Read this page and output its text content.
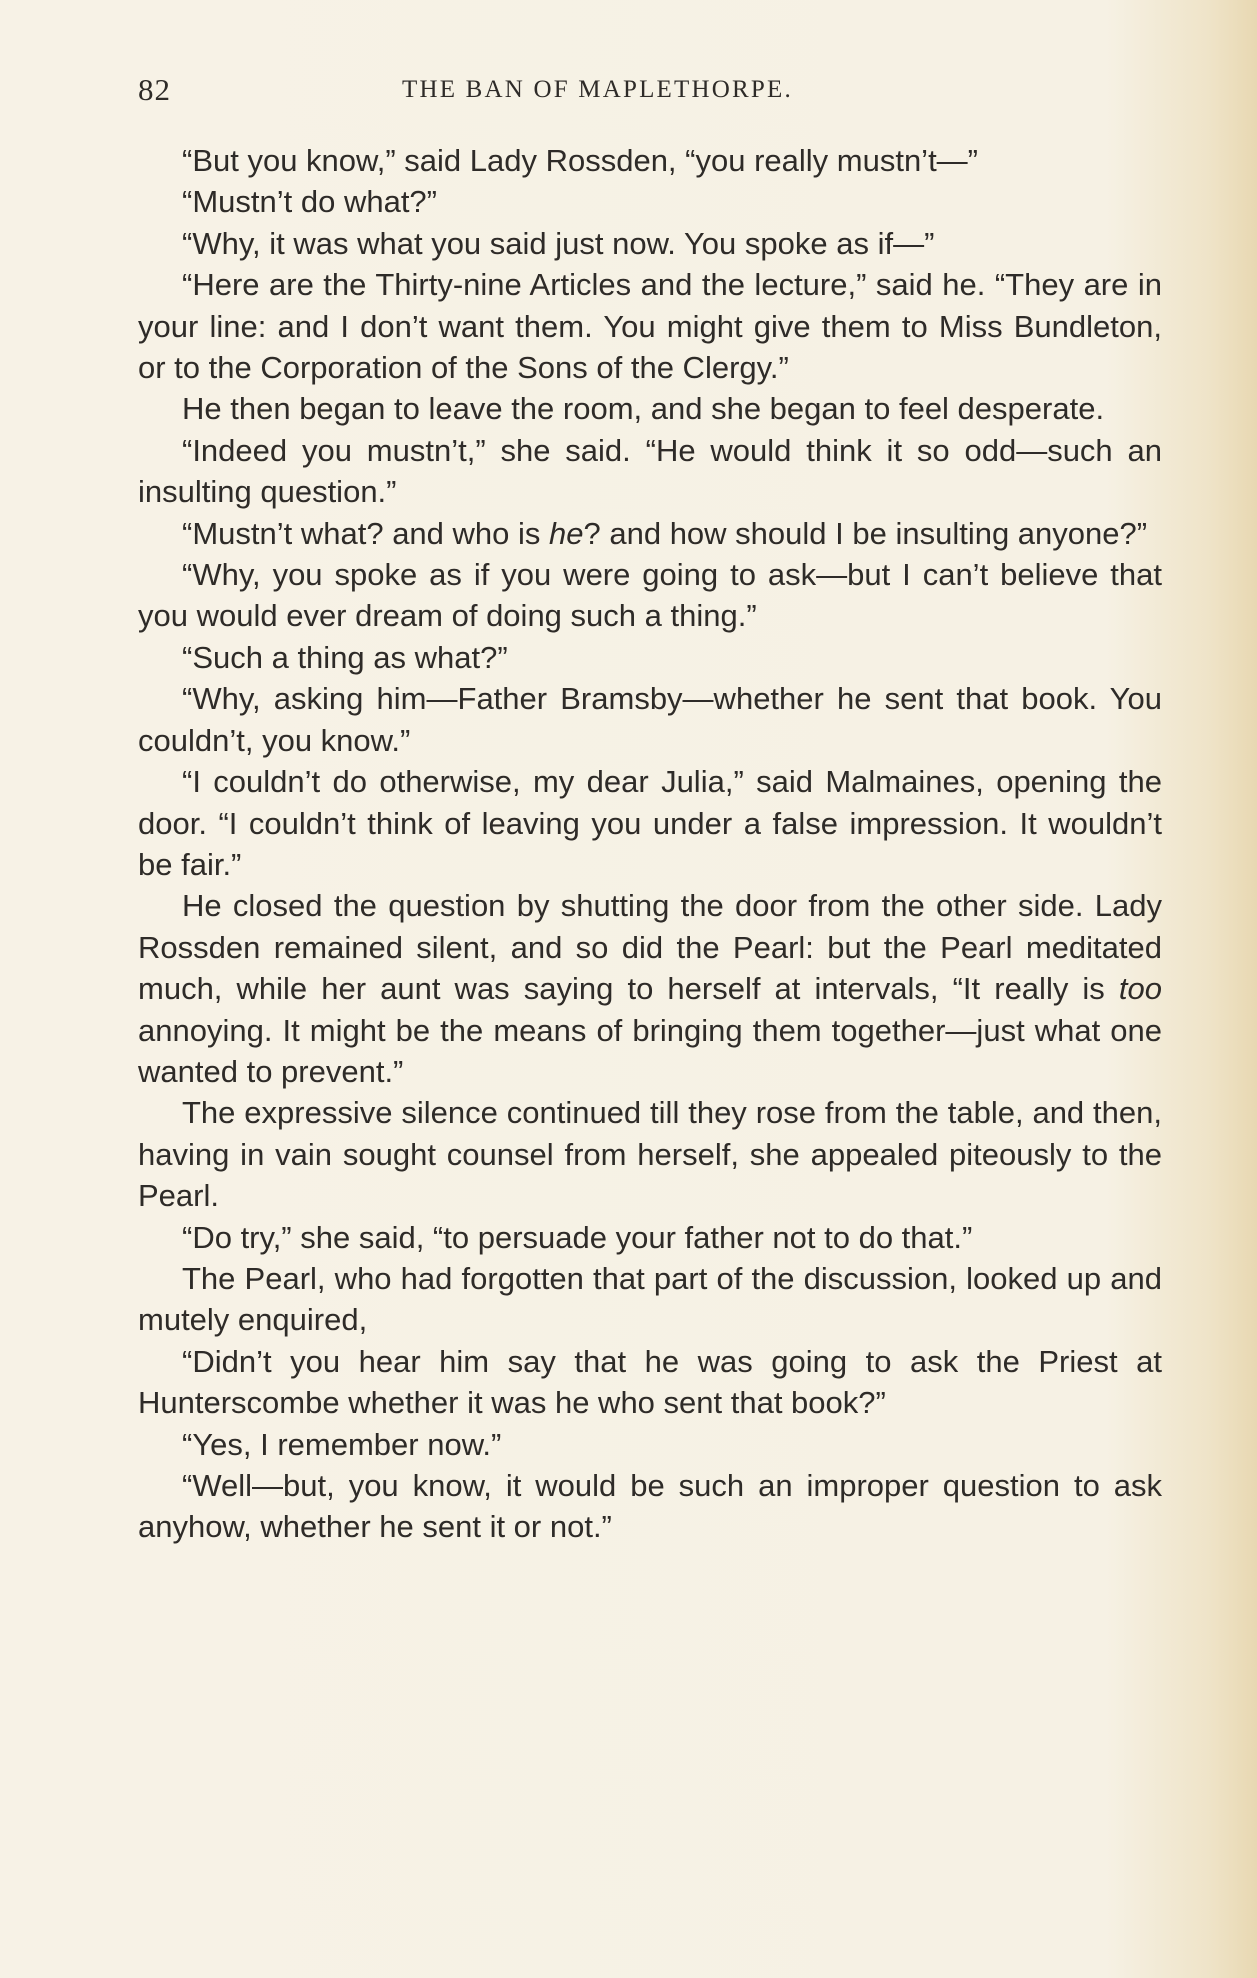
82	THE BAN OF MAPLETHORPE.

“But you know,” said Lady Rossden, “you really mustn’t—”

“Mustn’t do what?”

“Why, it was what you said just now. You spoke as if—”

“Here are the Thirty-nine Articles and the lecture,” said he. “They are in your line: and I don’t want them. You might give them to Miss Bundleton, or to the Corporation of the Sons of the Clergy.”

He then began to leave the room, and she began to feel desperate.

“Indeed you mustn’t,” she said. “He would think it so odd—such an insulting question.”

“Mustn’t what? and who is he? and how should I be insulting anyone?”

“Why, you spoke as if you were going to ask—but I can’t believe that you would ever dream of doing such a thing.”

“Such a thing as what?”

“Why, asking him—Father Bramsby—whether he sent that book. You couldn’t, you know.”

“I couldn’t do otherwise, my dear Julia,” said Malmaines, opening the door. “I couldn’t think of leaving you under a false impression. It wouldn’t be fair.”

He closed the question by shutting the door from the other side. Lady Rossden remained silent, and so did the Pearl: but the Pearl meditated much, while her aunt was saying to herself at intervals, “It really is too annoying. It might be the means of bringing them together—just what one wanted to prevent.”

The expressive silence continued till they rose from the table, and then, having in vain sought counsel from herself, she appealed piteously to the Pearl.

“Do try,” she said, “to persuade your father not to do that.”

The Pearl, who had forgotten that part of the discussion, looked up and mutely enquired,

“Didn’t you hear him say that he was going to ask the Priest at Hunterscombe whether it was he who sent that book?”

“Yes, I remember now.”

“Well—but, you know, it would be such an improper question to ask anyhow, whether he sent it or not.”
